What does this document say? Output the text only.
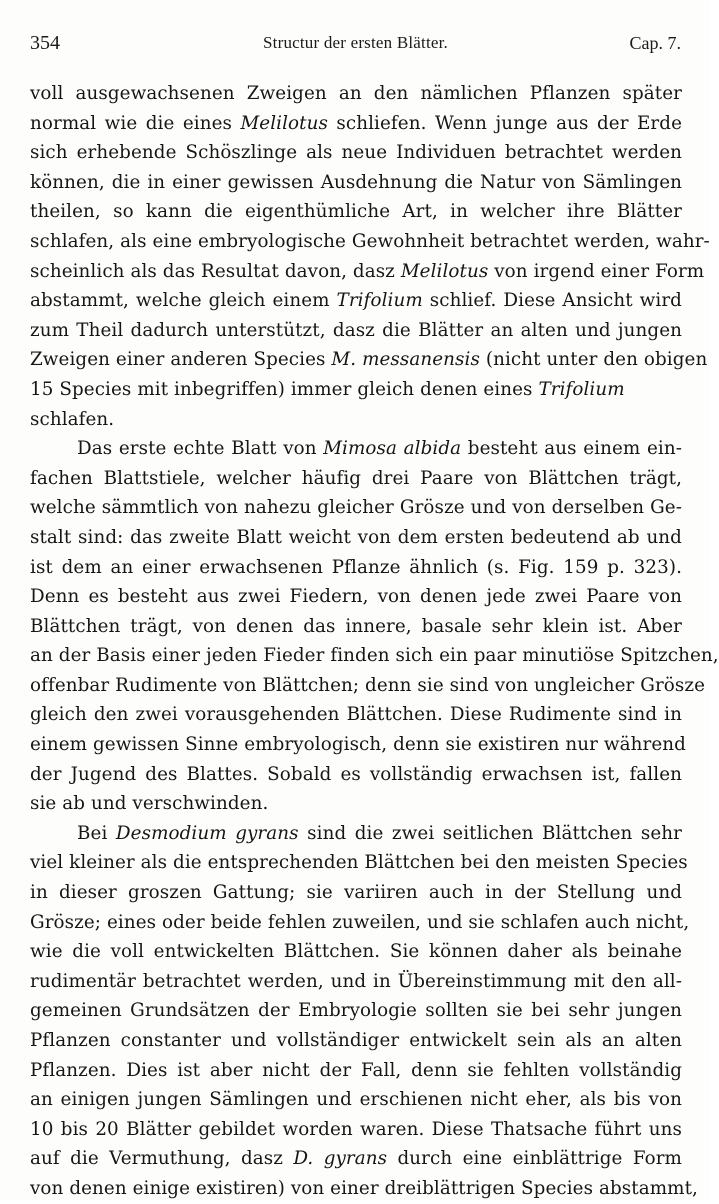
354	Structur der ersten Blätter.	Cap. 7.
voll ausgewachsenen Zweigen an den nämlichen Pflanzen später
normal wie die eines Melilotus schliefen. Wenn junge aus der Erde
sich erhebende Schöszlinge als neue Individuen betrachtet werden
können, die in einer gewissen Ausdehnung die Natur von Sämlingen
theilen, so kann die eigenthümliche Art, in welcher ihre Blätter
schlafen, als eine embryologische Gewohnheit betrachtet werden, wahr-
scheinlich als das Resultat davon, dasz Melilotus von irgend einer Form
abstammt, welche gleich einem Trifolium schlief. Diese Ansicht wird
zum Theil dadurch unterstützt, dasz die Blätter an alten und jungen
Zweigen einer anderen Species M. messanensis (nicht unter den obigen
15 Species mit inbegriffen) immer gleich denen eines Trifolium
schlafen.
Das erste echte Blatt von Mimosa albida besteht aus einem ein-
fachen Blattstiele, welcher häufig drei Paare von Blättchen trägt,
welche sämmtlich von nahezu gleicher Grösze und von derselben Ge-
stalt sind: das zweite Blatt weicht von dem ersten bedeutend ab und
ist dem an einer erwachsenen Pflanze ähnlich (s. Fig. 159 p. 323).
Denn es besteht aus zwei Fiedern, von denen jede zwei Paare von
Blättchen trägt, von denen das innere, basale sehr klein ist. Aber
an der Basis einer jeden Fieder finden sich ein paar minutiöse Spitzchen,
offenbar Rudimente von Blättchen; denn sie sind von ungleicher Grösze
gleich den zwei vorausgehenden Blättchen. Diese Rudimente sind in
einem gewissen Sinne embryologisch, denn sie existiren nur während
der Jugend des Blattes. Sobald es vollständig erwachsen ist, fallen
sie ab und verschwinden.
Bei Desmodium gyrans sind die zwei seitlichen Blättchen sehr
viel kleiner als die entsprechenden Blättchen bei den meisten Species
in dieser groszen Gattung; sie variiren auch in der Stellung und
Grösze; eines oder beide fehlen zuweilen, und sie schlafen auch nicht,
wie die voll entwickelten Blättchen. Sie können daher als beinahe
rudimentär betrachtet werden, und in Übereinstimmung mit den all-
gemeinen Grundsätzen der Embryologie sollten sie bei sehr jungen
Pflanzen constanter und vollständiger entwickelt sein als an alten
Pflanzen. Dies ist aber nicht der Fall, denn sie fehlten vollständig
an einigen jungen Sämlingen und erschienen nicht eher, als bis von
10 bis 20 Blätter gebildet worden waren. Diese Thatsache führt uns
auf die Vermuthung, dasz D. gyrans durch eine einblättrige Form
von denen einige existiren) von einer dreiblättrigen Species abstammt,
